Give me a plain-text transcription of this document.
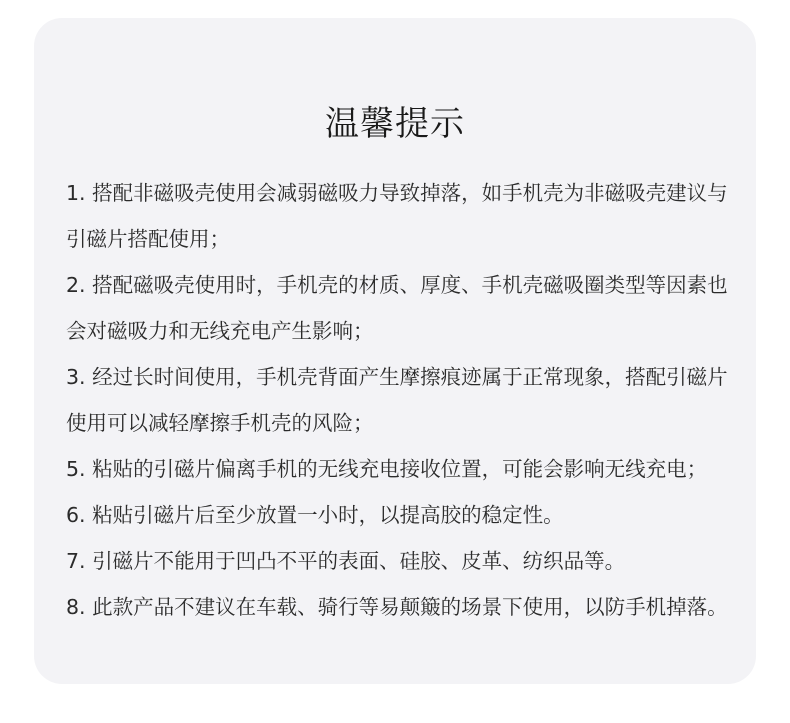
温馨提示
1. 搭配非磁吸壳使用会减弱磁吸力导致掉落，如手机壳为非磁吸壳建议与引磁片搭配使用；
2. 搭配磁吸壳使用时，手机壳的材质、厚度、手机壳磁吸圈类型等因素也会对磁吸力和无线充电产生影响；
3. 经过长时间使用，手机壳背面产生摩擦痕迹属于正常现象，搭配引磁片使用可以减轻摩擦手机壳的风险；
5. 粘贴的引磁片偏离手机的无线充电接收位置，可能会影响无线充电；
6. 粘贴引磁片后至少放置一小时，以提高胶的稳定性。
7. 引磁片不能用于凹凸不平的表面、硅胶、皮革、纺织品等。
8. 此款产品不建议在车载、骑行等易颠簸的场景下使用，以防手机掉落。
